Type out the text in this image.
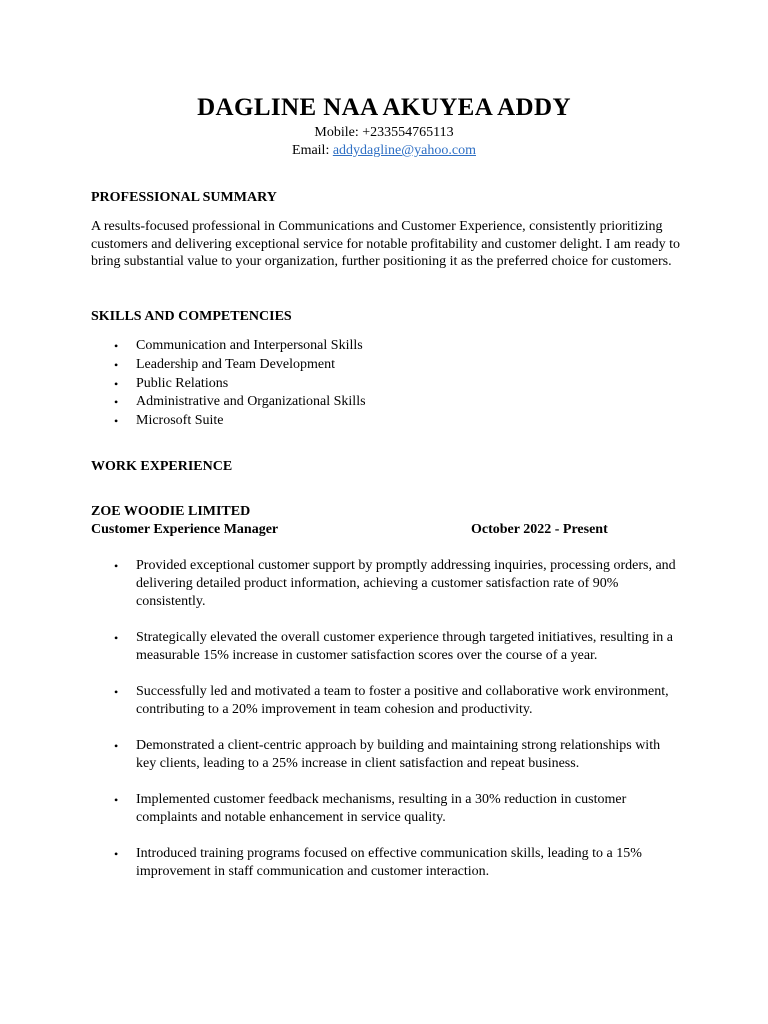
DAGLINE NAA AKUYEA ADDY
Mobile: +233554765113
Email: addydagline@yahoo.com
PROFESSIONAL SUMMARY

A results-focused professional in Communications and Customer Experience, consistently prioritizing customers and delivering exceptional service for notable profitability and customer delight. I am ready to bring substantial value to your organization, further positioning it as the preferred choice for customers.

SKILLS AND COMPETENCIES
• Communication and Interpersonal Skills
• Leadership and Team Development
• Public Relations
• Administrative and Organizational Skills
• Microsoft Suite
WORK EXPERIENCE
ZOE WOODIE LIMITED
Customer Experience Manager	October 2022 - Present
• Provided exceptional customer support by promptly addressing inquiries, processing orders, and delivering detailed product information, achieving a customer satisfaction rate of 90% consistently.
• Strategically elevated the overall customer experience through targeted initiatives, resulting in a measurable 15% increase in customer satisfaction scores over the course of a year.
• Successfully led and motivated a team to foster a positive and collaborative work environment, contributing to a 20% improvement in team cohesion and productivity.
• Demonstrated a client-centric approach by building and maintaining strong relationships with key clients, leading to a 25% increase in client satisfaction and repeat business.
• Implemented customer feedback mechanisms, resulting in a 30% reduction in customer complaints and notable enhancement in service quality.
• Introduced training programs focused on effective communication skills, leading to a 15% improvement in staff communication and customer interaction.
